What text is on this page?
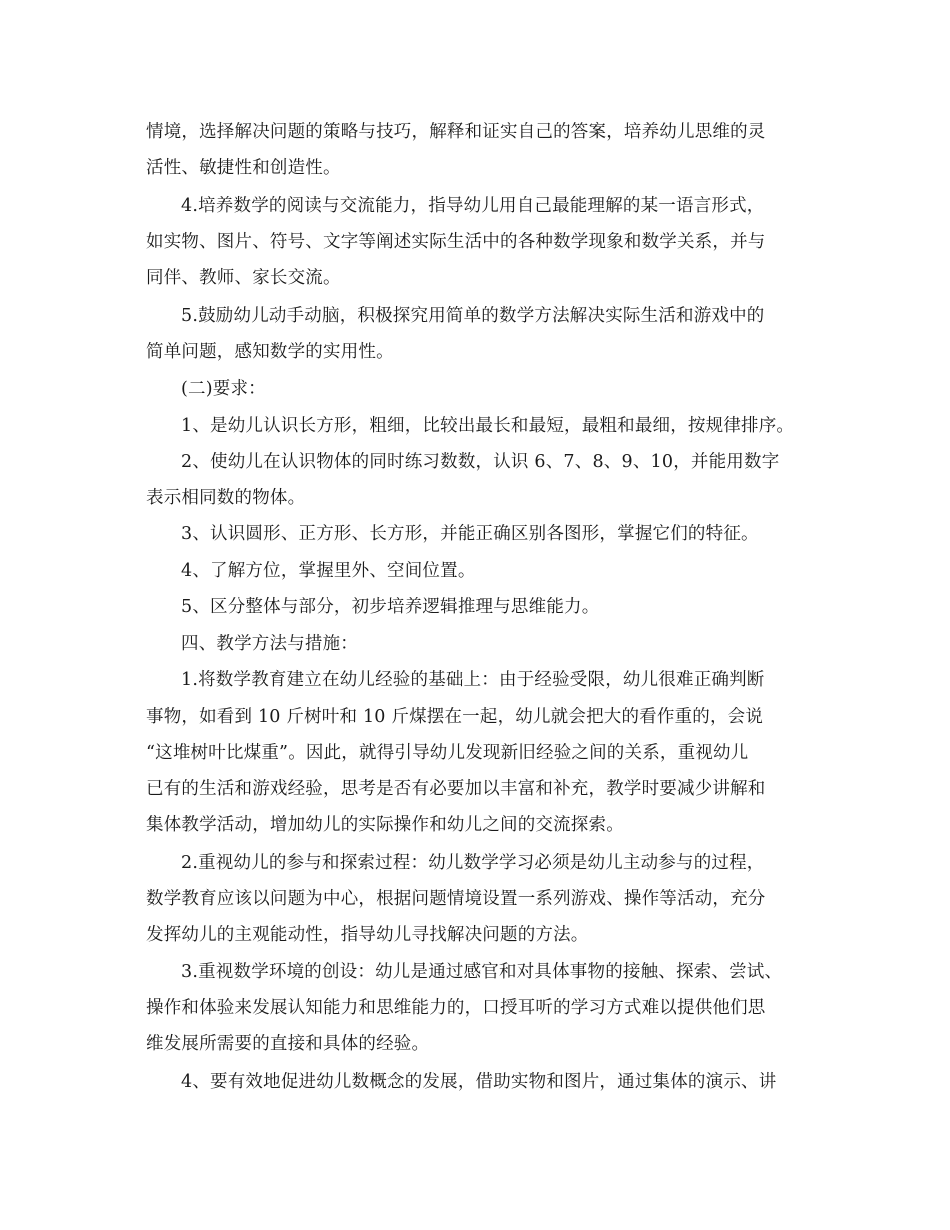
情境，选择解决问题的策略与技巧，解释和证实自己的答案，培养幼儿思维的灵
活性、敏捷性和创造性。
4.培养数学的阅读与交流能力，指导幼儿用自己最能理解的某一语言形式，
如实物、图片、符号、文字等阐述实际生活中的各种数学现象和数学关系，并与
同伴、教师、家长交流。
5.鼓励幼儿动手动脑，积极探究用简单的数学方法解决实际生活和游戏中的
简单问题，感知数学的实用性。
(二)要求：
1、是幼儿认识长方形，粗细，比较出最长和最短，最粗和最细，按规律排序。
2、使幼儿在认识物体的同时练习数数，认识 6、7、8、9、10，并能用数字
表示相同数的物体。
3、认识圆形、正方形、长方形，并能正确区别各图形，掌握它们的特征。
4、了解方位，掌握里外、空间位置。
5、区分整体与部分，初步培养逻辑推理与思维能力。
四、教学方法与措施：
1.将数学教育建立在幼儿经验的基础上：由于经验受限，幼儿很难正确判断
事物，如看到 10 斤树叶和 10 斤煤摆在一起，幼儿就会把大的看作重的，会说
“这堆树叶比煤重”。因此，就得引导幼儿发现新旧经验之间的关系，重视幼儿
已有的生活和游戏经验，思考是否有必要加以丰富和补充，教学时要减少讲解和
集体教学活动，增加幼儿的实际操作和幼儿之间的交流探索。
2.重视幼儿的参与和探索过程：幼儿数学学习必须是幼儿主动参与的过程，
数学教育应该以问题为中心，根据问题情境设置一系列游戏、操作等活动，充分
发挥幼儿的主观能动性，指导幼儿寻找解决问题的方法。
3.重视数学环境的创设：幼儿是通过感官和对具体事物的接触、探索、尝试、
操作和体验来发展认知能力和思维能力的，口授耳听的学习方式难以提供他们思
维发展所需要的直接和具体的经验。
4、要有效地促进幼儿数概念的发展，借助实物和图片，通过集体的演示、讲
